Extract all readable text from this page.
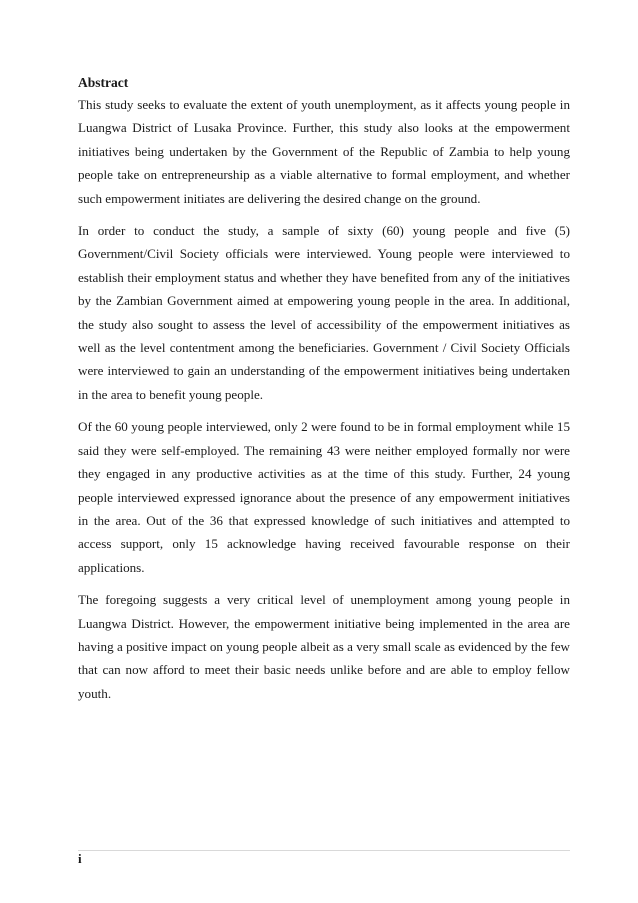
Abstract

This study seeks to evaluate the extent of youth unemployment, as it affects young people in Luangwa District of Lusaka Province. Further, this study also looks at the empowerment initiatives being undertaken by the Government of the Republic of Zambia to help young people take on entrepreneurship as a viable alternative to formal employment, and whether such empowerment initiates are delivering the desired change on the ground.

In order to conduct the study, a sample of sixty (60) young people and five (5) Government/Civil Society officials were interviewed. Young people were interviewed to establish their employment status and whether they have benefited from any of the initiatives by the Zambian Government aimed at empowering young people in the area. In additional, the study also sought to assess the level of accessibility of the empowerment initiatives as well as the level contentment among the beneficiaries. Government / Civil Society Officials were interviewed to gain an understanding of the empowerment initiatives being undertaken in the area to benefit young people.

Of the 60 young people interviewed, only 2 were found to be in formal employment while 15 said they were self-employed. The remaining 43 were neither employed formally nor were they engaged in any productive activities as at the time of this study. Further, 24 young people interviewed expressed ignorance about the presence of any empowerment initiatives in the area. Out of the 36 that expressed knowledge of such initiatives and attempted to access support, only 15 acknowledge having received favourable response on their applications.

The foregoing suggests a very critical level of unemployment among young people in Luangwa District. However, the empowerment initiative being implemented in the area are having a positive impact on young people albeit as a very small scale as evidenced by the few that can now afford to meet their basic needs unlike before and are able to employ fellow youth.

i
